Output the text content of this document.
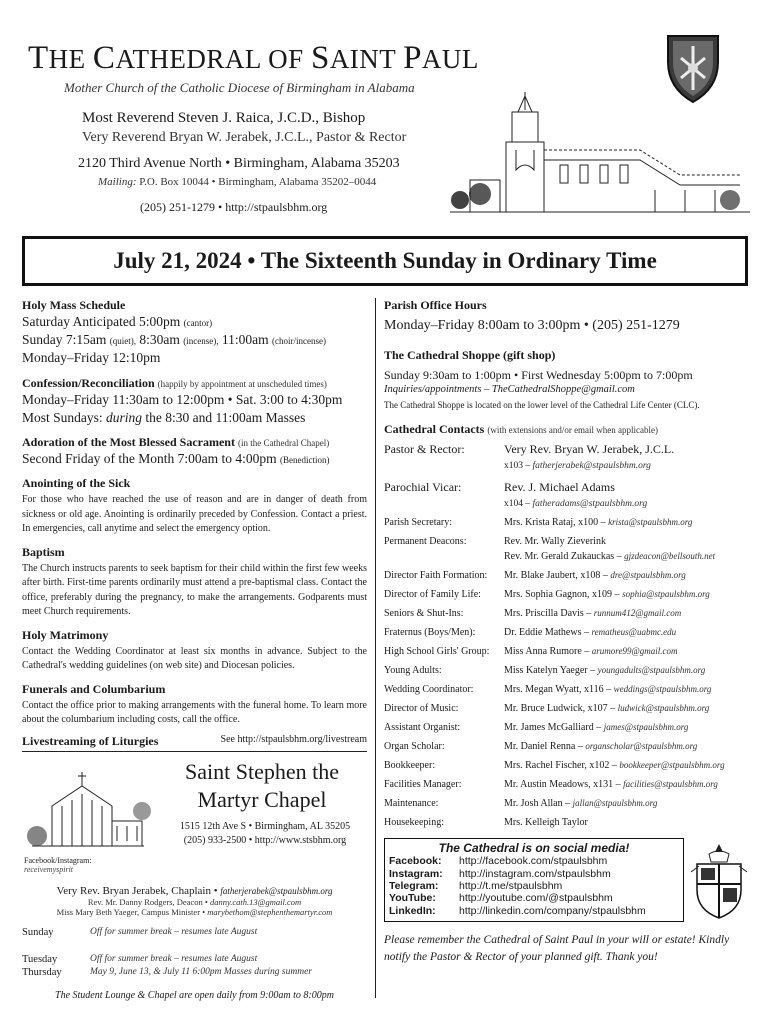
THE CATHEDRAL OF SAINT PAUL
Mother Church of the Catholic Diocese of Birmingham in Alabama
Most Reverend Steven J. Raica, J.C.D., Bishop
Very Reverend Bryan W. Jerabek, J.C.L., Pastor & Rector
2120 Third Avenue North • Birmingham, Alabama 35203
Mailing: P.O. Box 10044 • Birmingham, Alabama 35202–0044
(205) 251-1279 • http://stpaulsbhm.org
July 21, 2024 • The Sixteenth Sunday in Ordinary Time
Holy Mass Schedule
Saturday Anticipated 5:00pm (cantor)
Sunday 7:15am (quiet), 8:30am (incense), 11:00am (choir/incense)
Monday–Friday 12:10pm
Confession/Reconciliation (happily by appointment at unscheduled times)
Monday–Friday 11:30am to 12:00pm • Sat. 3:00 to 4:30pm
Most Sundays: during the 8:30 and 11:00am Masses
Adoration of the Most Blessed Sacrament (in the Cathedral Chapel)
Second Friday of the Month 7:00am to 4:00pm (Benediction)
Anointing of the Sick
For those who have reached the use of reason and are in danger of death from sickness or old age. Anointing is ordinarily preceded by Confession. Contact a priest. In emergencies, call anytime and select the emergency option.
Baptism
The Church instructs parents to seek baptism for their child within the first few weeks after birth. First-time parents ordinarily must attend a pre-baptismal class. Contact the office, preferably during the pregnancy, to make the arrangements. Godparents must meet Church requirements.
Holy Matrimony
Contact the Wedding Coordinator at least six months in advance. Subject to the Cathedral's wedding guidelines (on web site) and Diocesan policies.
Funerals and Columbarium
Contact the office prior to making arrangements with the funeral home. To learn more about the columbarium including costs, call the office.
Livestreaming of Liturgies	See http://stpaulsbhm.org/livestream
Facebook/Instagram:
receivemyspirit
Saint Stephen the
Martyr Chapel
1515 12th Ave S • Birmingham, AL 35205
(205) 933-2500 • http://www.stsbhm.org
Very Rev. Bryan Jerabek, Chaplain • fatherjerabek@stpaulsbhm.org
Rev. Mr. Danny Rodgers, Deacon • danny.cath.13@gmail.com
Miss Mary Beth Yaeger, Campus Minister • marybethom@stephenthemartyr.com
Sunday	Off for summer break – resumes late August
Tuesday	Off for summer break – resumes late August
Thursday	May 9, June 13, & July 11 6:00pm Masses during summer
The Student Lounge & Chapel are open daily from 9:00am to 8:00pm
Parish Office Hours
Monday–Friday 8:00am to 3:00pm • (205) 251-1279
The Cathedral Shoppe (gift shop)
Sunday 9:30am to 1:00pm • First Wednesday 5:00pm to 7:00pm
Inquiries/appointments – TheCathedralShoppe@gmail.com
The Cathedral Shoppe is located on the lower level of the Cathedral Life Center (CLC).
Cathedral Contacts (with extensions and/or email when applicable)
Pastor & Rector:	Very Rev. Bryan W. Jerabek, J.C.L.
x103 – fatherjerabek@stpaulsbhm.org
Parochial Vicar:	Rev. J. Michael Adams
x104 – fatheradams@stpaulsbhm.org
Parish Secretary:	Mrs. Krista Rataj, x100 – krista@stpaulsbhm.org
Permanent Deacons:	Rev. Mr. Wally Zieverink
Rev. Mr. Gerald Zukauckas – gjzdeacon@bellsouth.net
Director Faith Formation:	Mr. Blake Jaubert, x108 – dre@stpaulsbhm.org
Director of Family Life:	Mrs. Sophia Gagnon, x109 – sophia@stpaulsbhm.org
Seniors & Shut-Ins:	Mrs. Priscilla Davis – runnum412@gmail.com
Fraternus (Boys/Men):	Dr. Eddie Mathews – rematheus@uabmc.edu
High School Girls' Group:	Miss Anna Rumore – arumore99@gmail.com
Young Adults:	Miss Katelyn Yaeger – youngadults@stpaulsbhm.org
Wedding Coordinator:	Mrs. Megan Wyatt, x116 – weddings@stpaulsbhm.org
Director of Music:	Mr. Bruce Ludwick, x107 – ludwick@stpaulsbhm.org
Assistant Organist:	Mr. James McGalliard – james@stpaulsbhm.org
Organ Scholar:	Mr. Daniel Renna – organscholar@stpaulsbhm.org
Bookkeeper:	Mrs. Rachel Fischer, x102 – bookkeeper@stpaulsbhm.org
Facilities Manager:	Mr. Austin Meadows, x131 – facilities@stpaulsbhm.org
Maintenance:	Mr. Josh Allan – jallan@stpaulsbhm.org
Housekeeping:	Mrs. Kelleigh Taylor
The Cathedral is on social media!
Facebook:	http://facebook.com/stpaulsbhm
Instagram:	http://instagram.com/stpaulsbhm
Telegram:	http://t.me/stpaulsbhm
YouTube:	http://youtube.com/@stpaulsbhm
LinkedIn:	http://linkedin.com/company/stpaulsbhm
Please remember the Cathedral of Saint Paul in your will or estate! Kindly notify the Pastor & Rector of your planned gift. Thank you!
